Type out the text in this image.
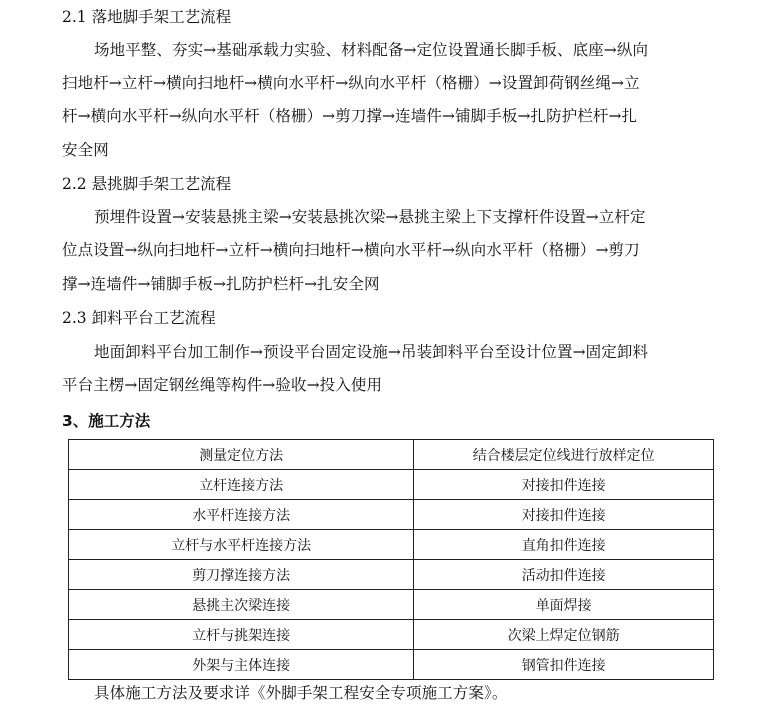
2.1 落地脚手架工艺流程
场地平整、夯实→基础承载力实验、材料配备→定位设置通长脚手板、底座→纵向
扫地杆→立杆→横向扫地杆→横向水平杆→纵向水平杆（格栅）→设置卸荷钢丝绳→立
杆→横向水平杆→纵向水平杆（格栅）→剪刀撑→连墙件→铺脚手板→扎防护栏杆→扎
安全网
2.2 悬挑脚手架工艺流程
预埋件设置→安装悬挑主梁→安装悬挑次梁→悬挑主梁上下支撑杆件设置→立杆定
位点设置→纵向扫地杆→立杆→横向扫地杆→横向水平杆→纵向水平杆（格栅）→剪刀
撑→连墙件→铺脚手板→扎防护栏杆→扎安全网
2.3 卸料平台工艺流程
地面卸料平台加工制作→预设平台固定设施→吊装卸料平台至设计位置→固定卸料
平台主楞→固定钢丝绳等构件→验收→投入使用
3、施工方法
测量定位方法	结合楼层定位线进行放样定位
立杆连接方法	对接扣件连接
水平杆连接方法	对接扣件连接
立杆与水平杆连接方法	直角扣件连接
剪刀撑连接方法	活动扣件连接
悬挑主次梁连接	单面焊接
立杆与挑架连接	次梁上焊定位钢筋
外架与主体连接	钢管扣件连接
具体施工方法及要求详《外脚手架工程安全专项施工方案》。
